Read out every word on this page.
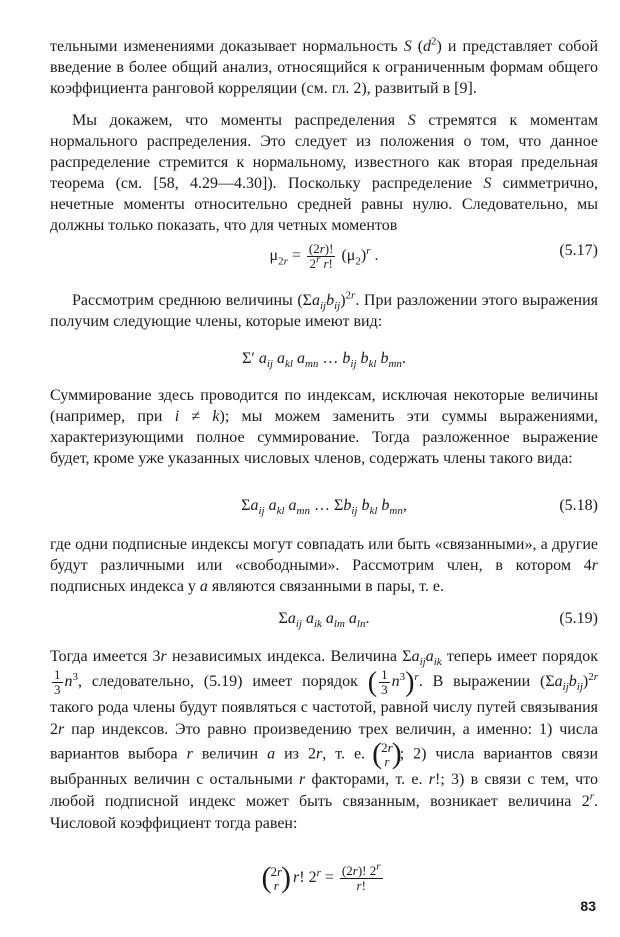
тельными изменениями доказывает нормальность S $(d^2)$ и представляет собой введение в более общий анализ, относящийся к ограниченным формам общего коэффициента ранговой корреляции (см. гл. 2), развитый в [9].

Мы докажем, что моменты распределения S стремятся к моментам нормального распределения. Это следует из положения о том, что данное распределение стремится к нормальному, известного как вторая предельная теорема (см. [58, 4.29—4.30]). Поскольку распределение S симметрично, нечетные моменты относительно средней равны нулю. Следовательно, мы должны только показать, что для четных моментов

$\mu_{2r} = \frac{(2r)!}{2^r r!} (\mu_2)^r$ .	(5.17)

Рассмотрим среднюю величины $(\Sigma a_{ij}b_{ij})^{2r}$. При разложении этого выражения получим следующие члены, которые имеют вид:

Σ′ $a_{ij}$ $a_{kl}$ $a_{mn}$ … $b_{ij}$ $b_{kl}$ $b_{mn}$.

Суммирование здесь проводится по индексам, исключая некоторые величины (например, при i ≠ k); мы можем заменить эти суммы выражениями, характеризующими полное суммирование. Тогда разложенное выражение будет, кроме уже указанных числовых членов, содержать члены такого вида:

$\Sigma a_{ij}$ $a_{kl}$ $a_{mn}$ … $\Sigma b_{ij}$ $b_{kl}$ $b_{mn}$,	(5.18)

где одни подписные индексы могут совпадать или быть «связанными», а другие будут различными или «свободными». Рассмотрим член, в котором 4r подписных индекса у a являются связанными в пары, т. е.

$\Sigma a_{ij}$ $a_{ik}$ $a_{lm}$ $a_{ln}$.	(5.19)

Тогда имеется 3r независимых индекса. Величина $\Sigma a_{ij}a_{ik}$ теперь имеет порядок
$\frac{1}{3} n^3$, следовательно, (5.19) имеет порядок ( $\frac{1}{3} n^3)^r$. В выражении $(\Sigma a_{ij}b_{ij})^{2r}$ такого рода члены будут появляться с частотой, равной числу путей связывания 2r пар индексов. Это равно произведению трех величин, а именно: 1) числа вариантов выбора r величин a из 2r, т. е.
( 2r
r
) ; 2) числа вариантов связи выбранных величин с остальными r факторами, т. е. r!; 3) в связи с тем, что любой подписной индекс может быть связанным, возникает величина 2$^r$. Числовой коэффициент тогда равен:

( 2r
r
) r! $2^r = \frac{(2r)! 2^r}{r!}$
83
